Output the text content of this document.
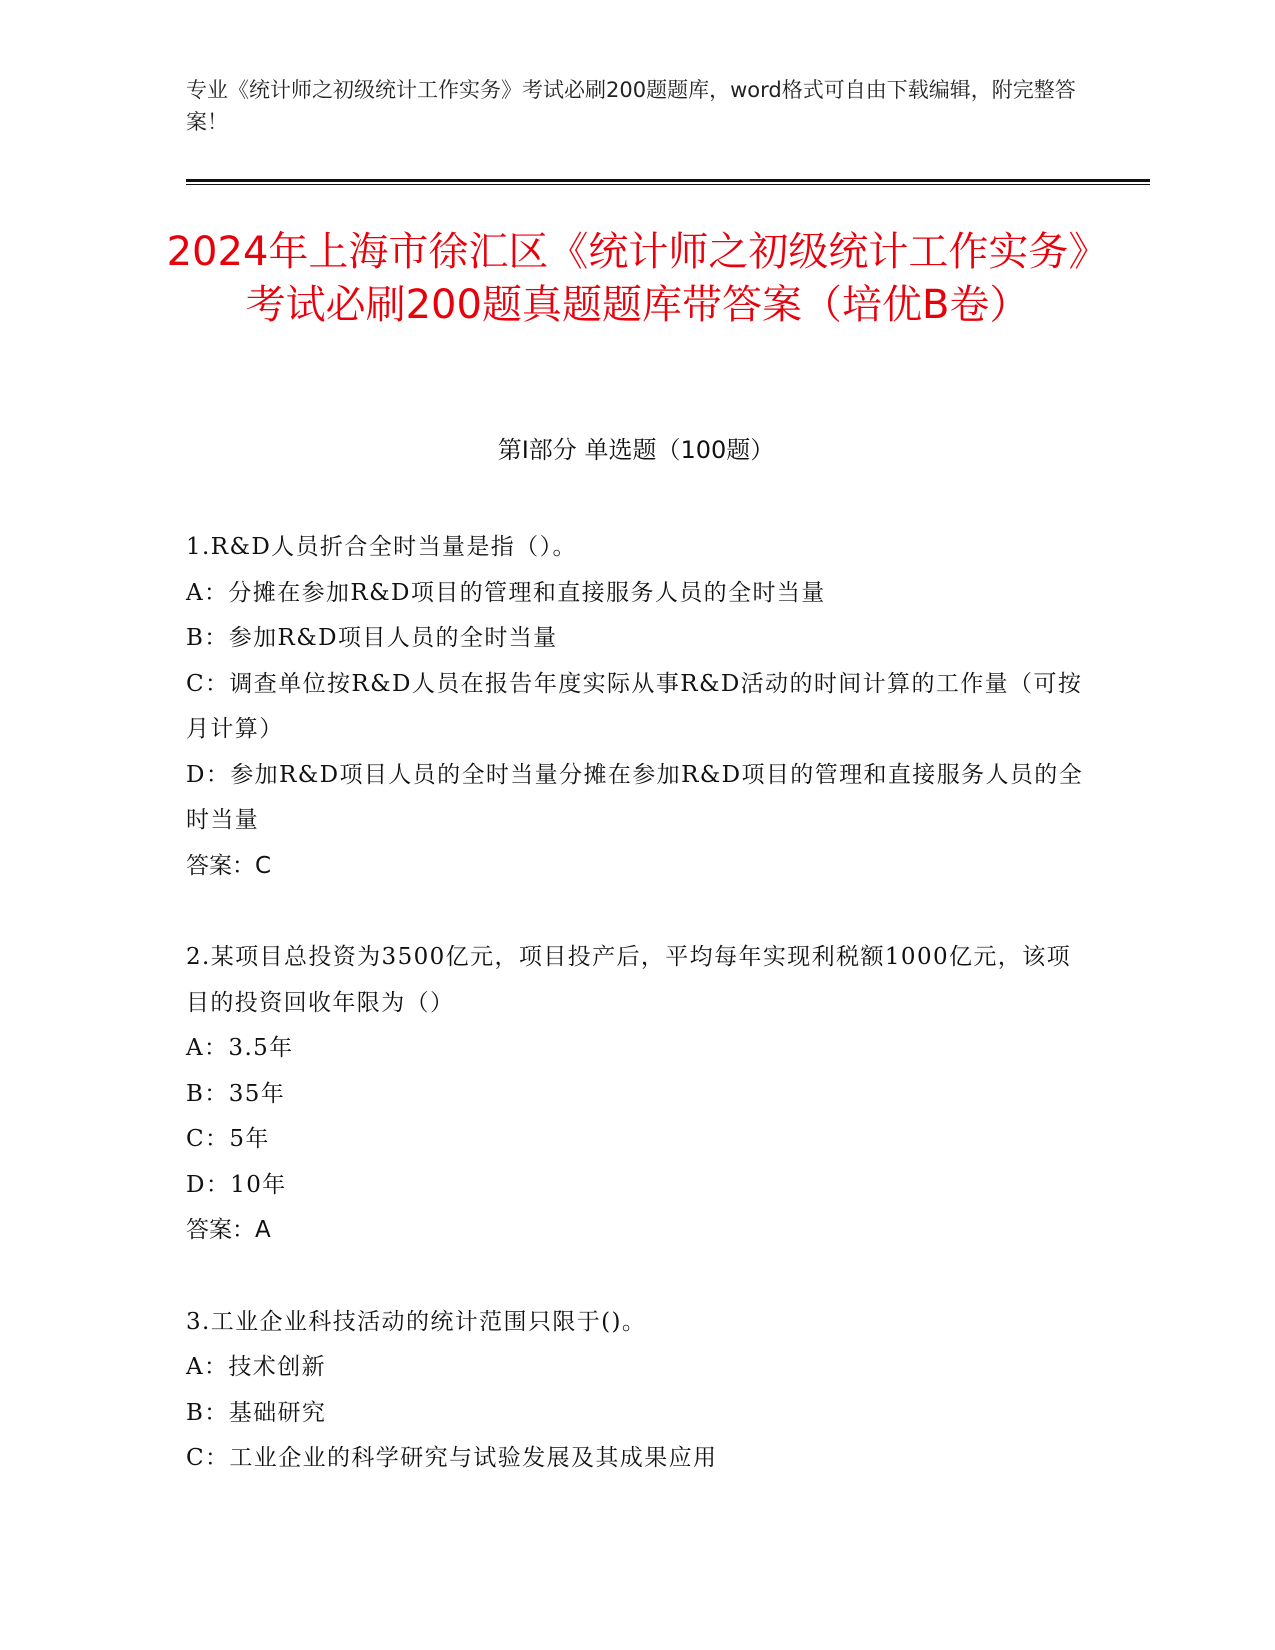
专业《统计师之初级统计工作实务》考试必刷200题题库，word格式可自由下载编辑，附完整答案！
2024年上海市徐汇区《统计师之初级统计工作实务》考试必刷200题真题题库带答案（培优B卷）
第Ⅰ部分 单选题（100题）
1.R&D人员折合全时当量是指（）。
A：分摊在参加R&D项目的管理和直接服务人员的全时当量
B：参加R&D项目人员的全时当量
C：调查单位按R&D人员在报告年度实际从事R&D活动的时间计算的工作量（可按月计算）
D：参加R&D项目人员的全时当量分摊在参加R&D项目的管理和直接服务人员的全时当量
答案：C
2.某项目总投资为3500亿元，项目投产后，平均每年实现利税额1000亿元，该项目的投资回收年限为（）
A：3.5年
B：35年
C：5年
D：10年
答案：A
3.工业企业科技活动的统计范围只限于()。
A：技术创新
B：基础研究
C：工业企业的科学研究与试验发展及其成果应用
